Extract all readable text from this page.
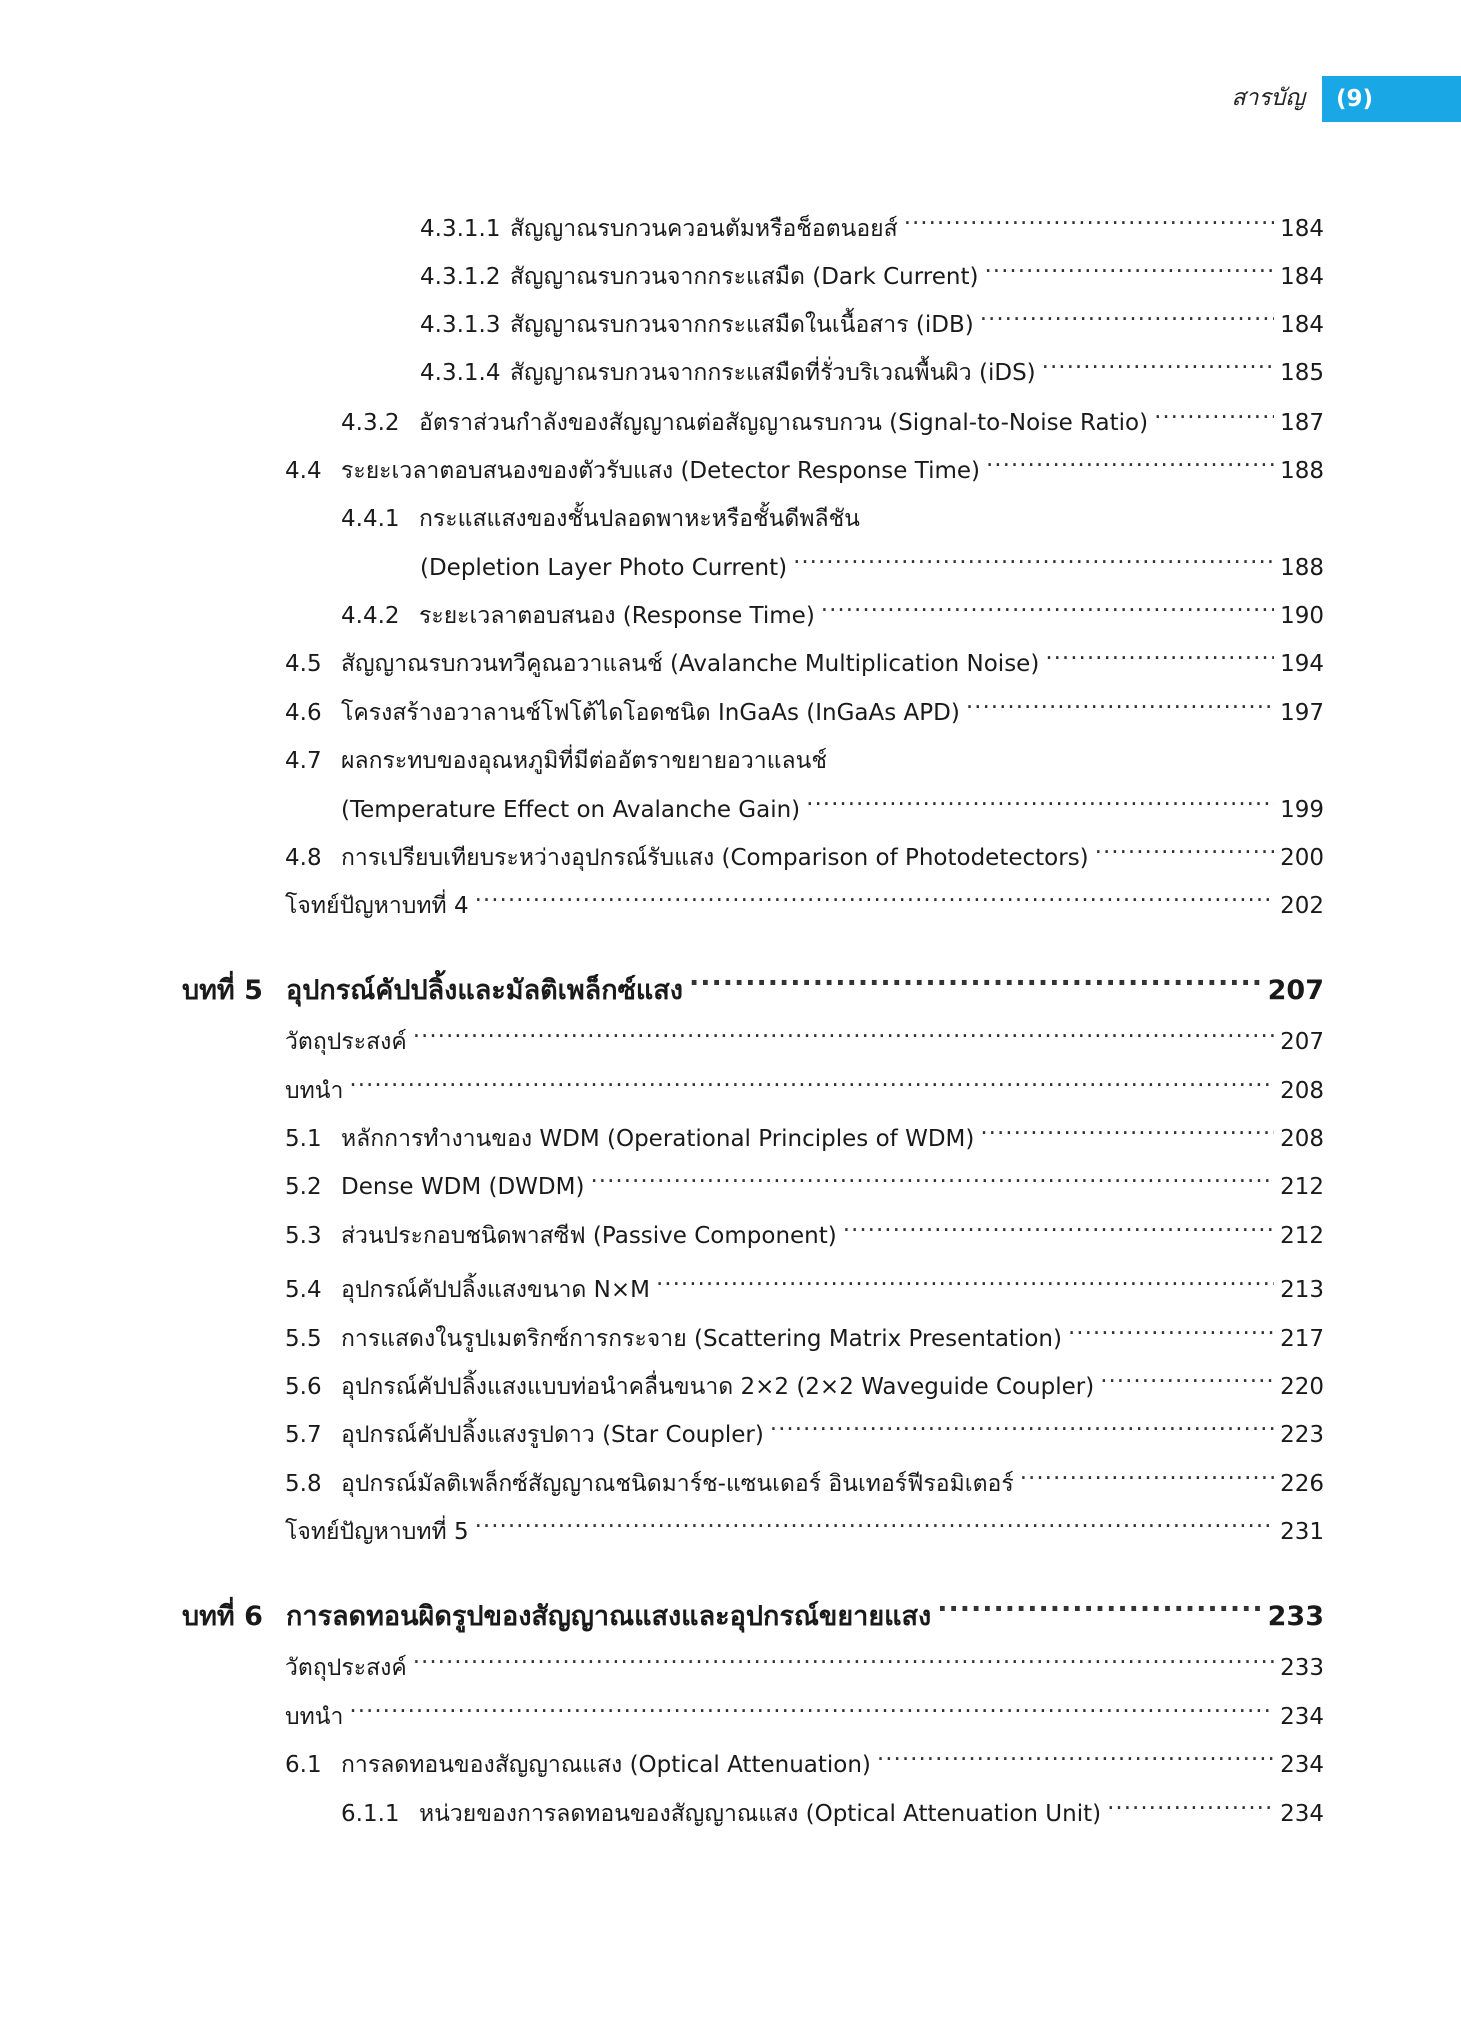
สารบัญ	(9)
4.3.1.1 สัญญาณรบกวนควอนตัมหรือช็อตนอยส์ .....	184
4.3.1.2 สัญญาณรบกวนจากกระแสมืด (Dark Current) .....	184
4.3.1.3 สัญญาณรบกวนจากกระแสมืดในเนื้อสาร (iDB) .....	184
4.3.1.4 สัญญาณรบกวนจากกระแสมืดที่รั่วบริเวณพื้นผิว (iDS) .....	185
4.3.2 อัตราส่วนกำลังของสัญญาณต่อสัญญาณรบกวน (Signal-to-Noise Ratio) .....	187
4.4 ระยะเวลาตอบสนองของตัวรับแสง (Detector Response Time) .....	188
4.4.1 กระแสแสงของชั้นปลอดพาหะหรือชั้นดีพลีชัน
(Depletion Layer Photo Current) .....	188
4.4.2 ระยะเวลาตอบสนอง (Response Time) .....	190
4.5 สัญญาณรบกวนทวีคูณอวาแลนช์ (Avalanche Multiplication Noise) .....	194
4.6 โครงสร้างอวาลานช์โฟโต้ไดโอดชนิด InGaAs (InGaAs APD) .....	197
4.7 ผลกระทบของอุณหภูมิที่มีต่ออัตราขยายอวาแลนช์
(Temperature Effect on Avalanche Gain) .....	199
4.8 การเปรียบเทียบระหว่างอุปกรณ์รับแสง (Comparison of Photodetectors) .....	200
โจทย์ปัญหาบทที่ 4 .....	202
บทที่ 5 อุปกรณ์คัปปลิ้งและมัลติเพล็กซ์แสง .....	207
วัตถุประสงค์ .....	207
บทนำ .....	208
5.1 หลักการทำงานของ WDM (Operational Principles of WDM) .....	208
5.2 Dense WDM (DWDM) .....	212
5.3 ส่วนประกอบชนิดพาสซีฟ (Passive Component) .....	212
5.4 อุปกรณ์คัปปลิ้งแสงขนาด N×M .....	213
5.5 การแสดงในรูปเมตริกซ์การกระจาย (Scattering Matrix Presentation) .....	217
5.6 อุปกรณ์คัปปลิ้งแสงแบบท่อนำคลื่นขนาด 2×2 (2×2 Waveguide Coupler) .....	220
5.7 อุปกรณ์คัปปลิ้งแสงรูปดาว (Star Coupler) .....	223
5.8 อุปกรณ์มัลติเพล็กซ์สัญญาณชนิดมาร์ช-แซนเดอร์ อินเทอร์ฟีรอมิเตอร์ .....	226
โจทย์ปัญหาบทที่ 5 .....	231
บทที่ 6 การลดทอนผิดรูปของสัญญาณแสงและอุปกรณ์ขยายแสง .....	233
วัตถุประสงค์ .....	233
บทนำ .....	234
6.1 การลดทอนของสัญญาณแสง (Optical Attenuation) .....	234
6.1.1 หน่วยของการลดทอนของสัญญาณแสง (Optical Attenuation Unit) .....	234
